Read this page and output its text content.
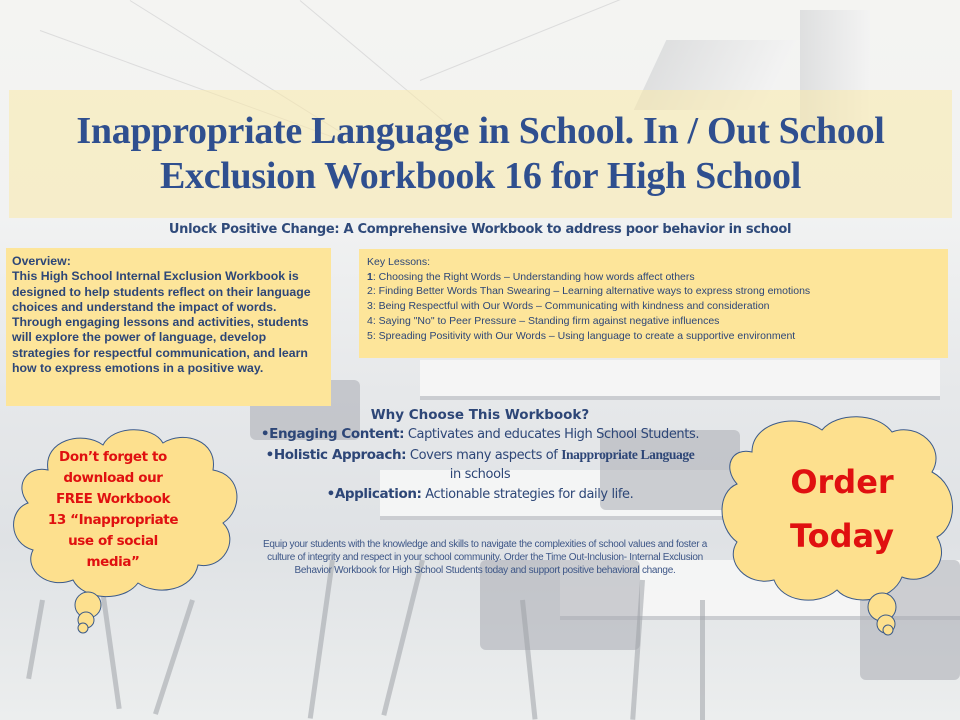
Inappropriate Language in School. In / Out School
Exclusion Workbook 16 for High School
Unlock Positive Change: A Comprehensive Workbook to address poor behavior in school
Overview:
This High School Internal Exclusion Workbook is designed to help students reflect on their language choices and understand the impact of words. Through engaging lessons and activities, students will explore the power of language, develop strategies for respectful communication, and learn how to express emotions in a positive way.
Key Lessons:
1: Choosing the Right Words – Understanding how words affect others
2: Finding Better Words Than Swearing – Learning alternative ways to express strong emotions
3: Being Respectful with Our Words – Communicating with kindness and consideration
4: Saying "No" to Peer Pressure – Standing firm against negative influences
5: Spreading Positivity with Our Words – Using language to create a supportive environment
Why Choose This Workbook?
•Engaging Content: Captivates and educates High School Students.
•Holistic Approach: Covers many aspects of Inappropriate Language
in schools
•Application: Actionable strategies for daily life.
Equip your students with the knowledge and skills to navigate the complexities of school values and foster a culture of integrity and respect in your school community. Order the Time Out-Inclusion- Internal Exclusion Behavior Workbook for High School Students today and support positive behavioral change.
Don’t forget to
download our
FREE Workbook
13 “Inappropriate
use of social
media”
Order
Today
